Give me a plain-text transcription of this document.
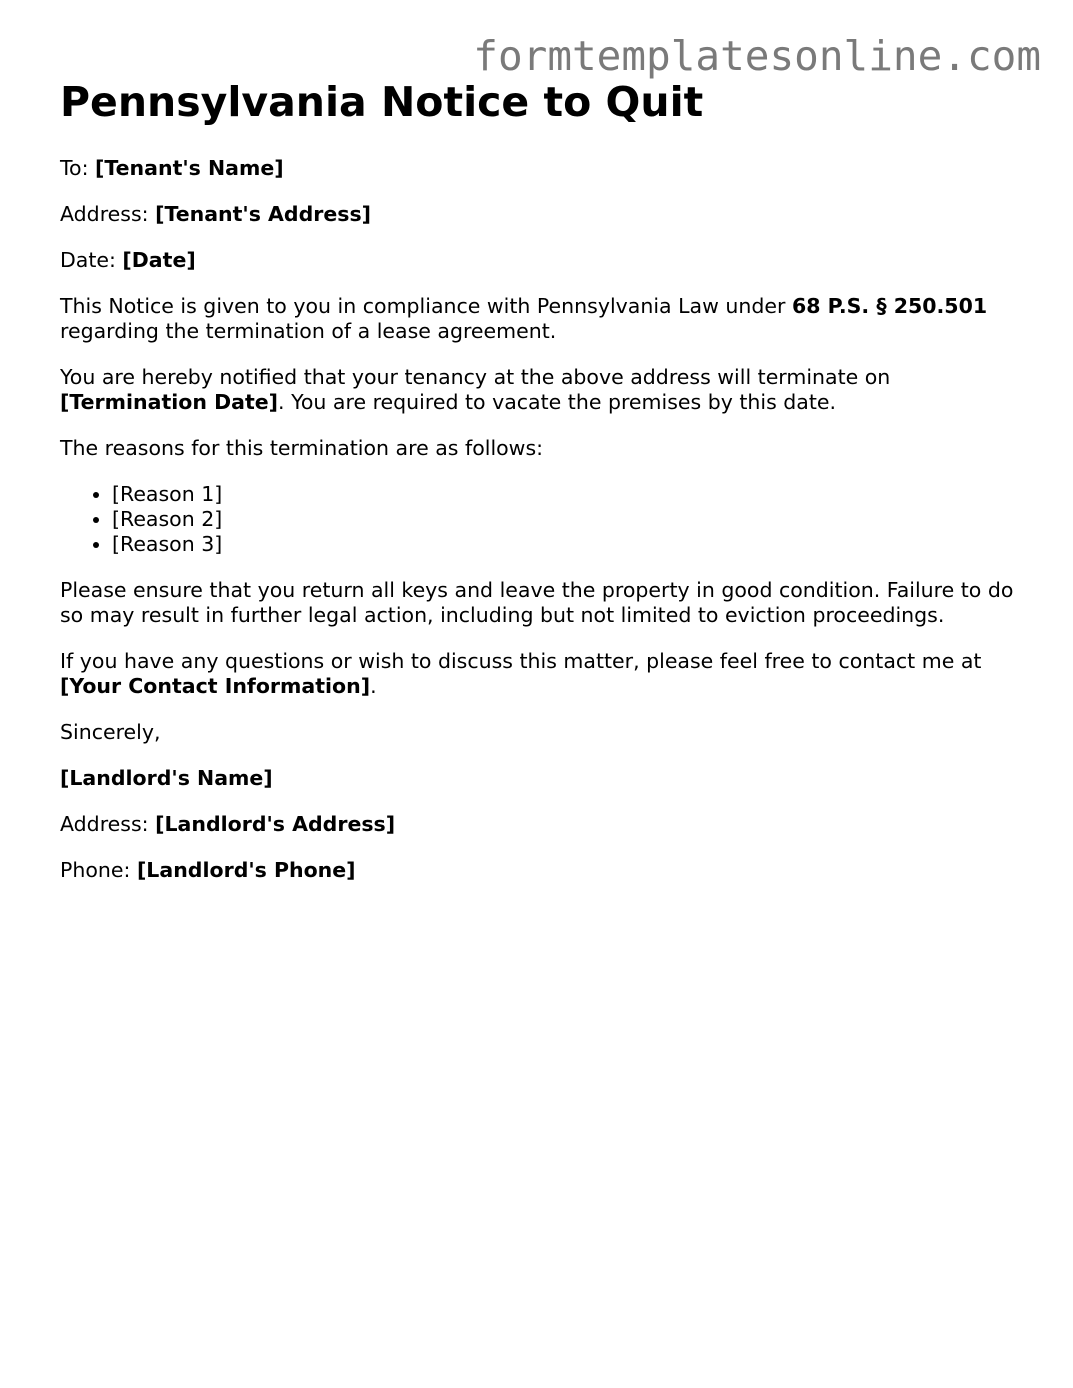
formtemplatesonline.com
Pennsylvania Notice to Quit

To: [Tenant's Name]

Address: [Tenant's Address]

Date: [Date]

This Notice is given to you in compliance with Pennsylvania Law under 68 P.S. § 250.501 regarding the termination of a lease agreement.

You are hereby notified that your tenancy at the above address will terminate on [Termination Date]. You are required to vacate the premises by this date.

The reasons for this termination are as follows:

• [Reason 1]
• [Reason 2]
• [Reason 3]

Please ensure that you return all keys and leave the property in good condition. Failure to do so may result in further legal action, including but not limited to eviction proceedings.

If you have any questions or wish to discuss this matter, please feel free to contact me at [Your Contact Information].

Sincerely,

[Landlord's Name]

Address: [Landlord's Address]

Phone: [Landlord's Phone]
